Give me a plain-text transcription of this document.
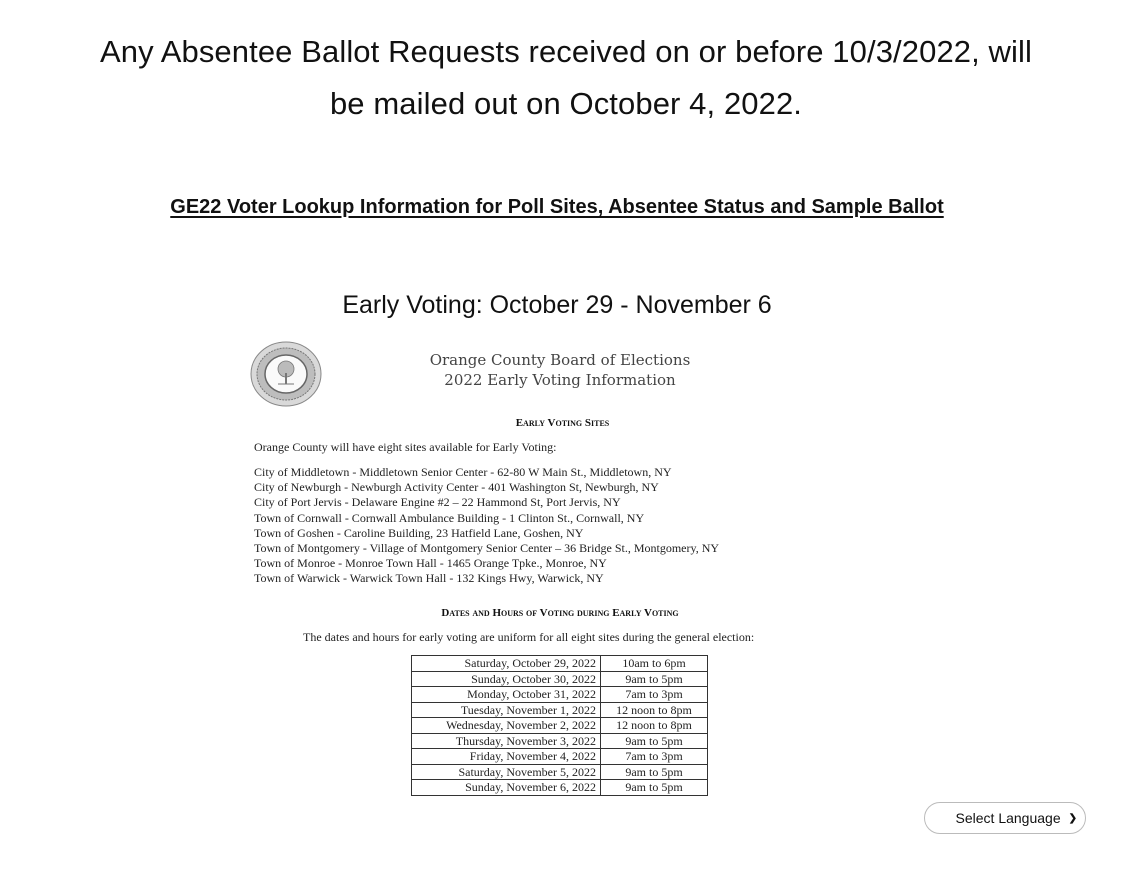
Any Absentee Ballot Requests received on or before 10/3/2022, will
be mailed out on October 4, 2022.
GE22 Voter Lookup Information for Poll Sites, Absentee Status and Sample Ballot
Early Voting: October 29 - November 6
Orange County Board of Elections
2022 Early Voting Information
Early Voting Sites
Orange County will have eight sites available for Early Voting:
City of Middletown - Middletown Senior Center - 62-80 W Main St., Middletown, NY
City of Newburgh - Newburgh Activity Center - 401 Washington St, Newburgh, NY
City of Port Jervis - Delaware Engine #2 – 22 Hammond St, Port Jervis, NY
Town of Cornwall - Cornwall Ambulance Building - 1 Clinton St., Cornwall, NY
Town of Goshen - Caroline Building, 23 Hatfield Lane, Goshen, NY
Town of Montgomery - Village of Montgomery Senior Center – 36 Bridge St., Montgomery, NY
Town of Monroe - Monroe Town Hall - 1465 Orange Tpke., Monroe, NY
Town of Warwick - Warwick Town Hall - 132 Kings Hwy, Warwick, NY
Dates and Hours of Voting during Early Voting
The dates and hours for early voting are uniform for all eight sites during the general election:
Saturday, October 29, 2022	10am to 6pm
Sunday, October 30, 2022	9am to 5pm
Monday, October 31, 2022	7am to 3pm
Tuesday, November 1, 2022	12 noon to 8pm
Wednesday, November 2, 2022	12 noon to 8pm
Thursday, November 3, 2022	9am to 5pm
Friday, November 4, 2022	7am to 3pm
Saturday, November 5, 2022	9am to 5pm
Sunday, November 6, 2022	9am to 5pm
Select Language ❯
